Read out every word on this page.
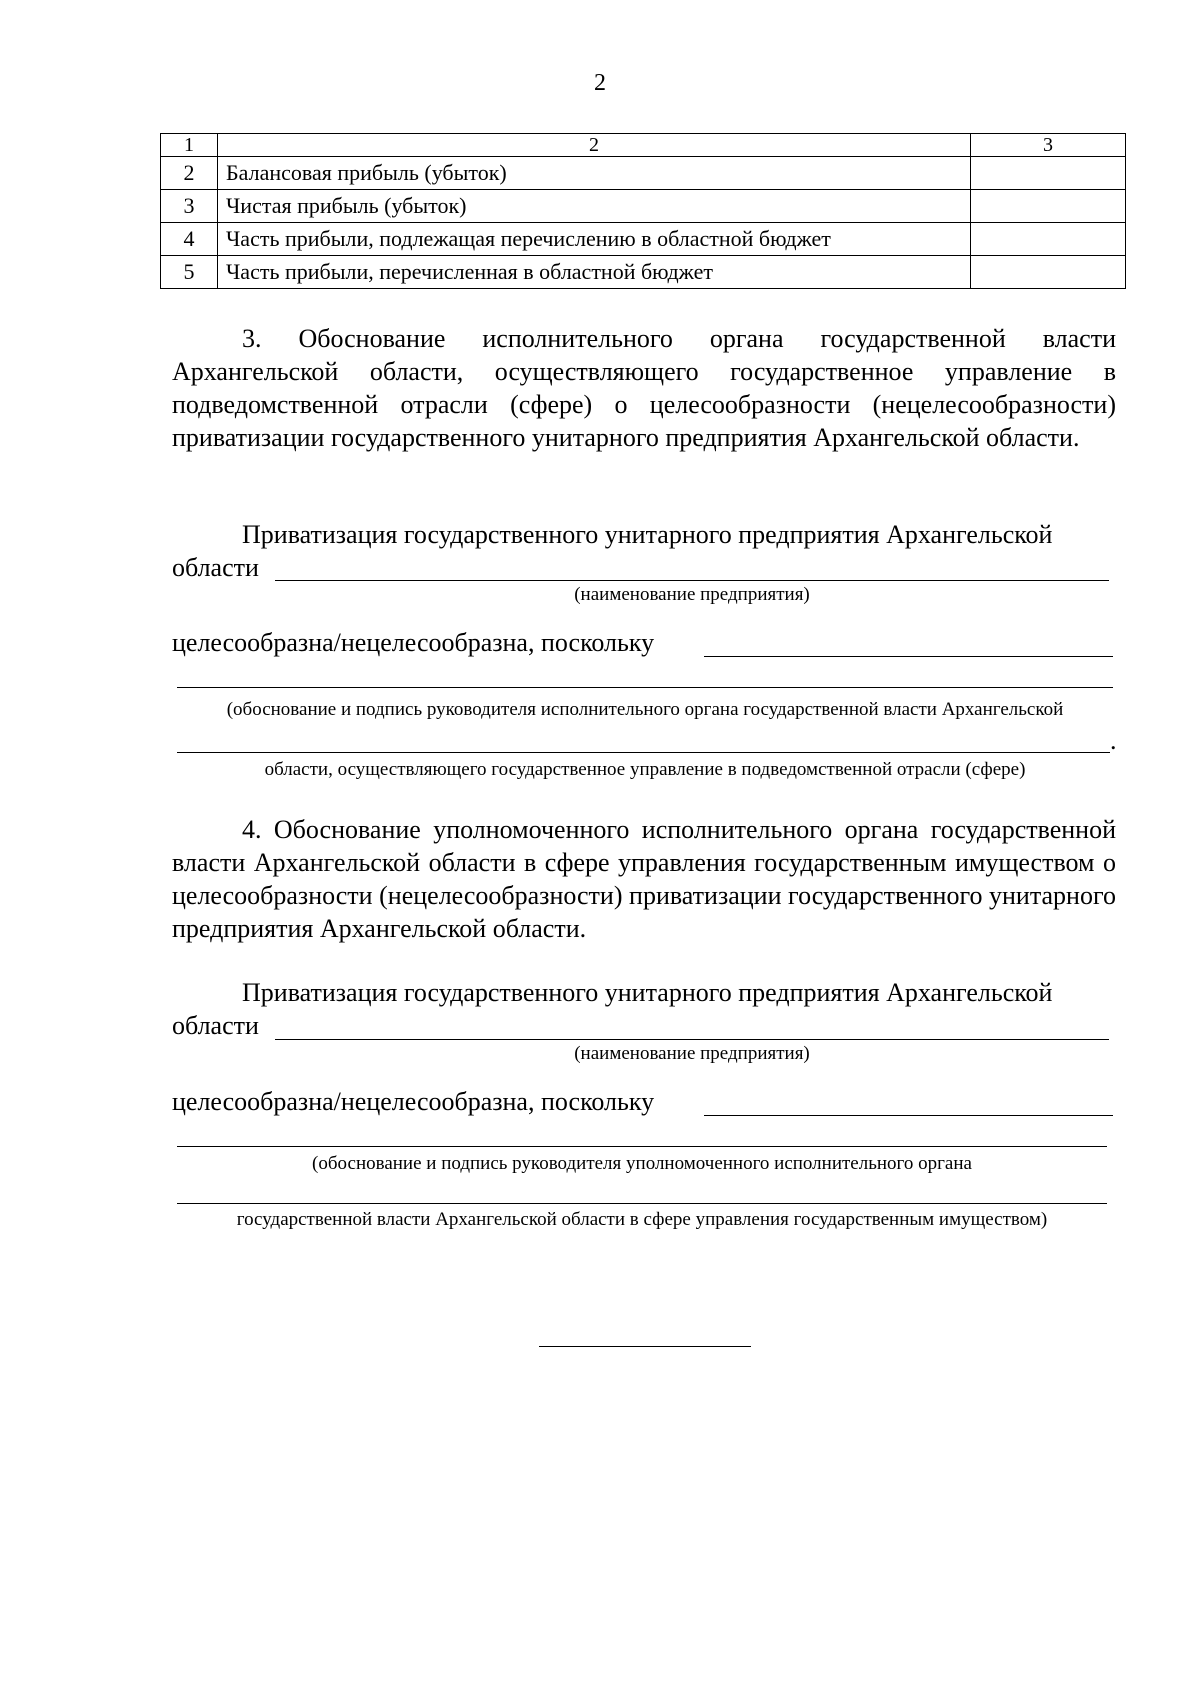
2
1	2	3
2	Балансовая прибыль (убыток)	
3	Чистая прибыль (убыток)	
4	Часть прибыли, подлежащая перечислению в областной бюджет	
5	Часть прибыли, перечисленная в областной бюджет	
3. Обоснование исполнительного органа государственной власти Архангельской области, осуществляющего государственное управление в подведомственной отрасли (сфере) о целесообразности (нецелесообразности) приватизации государственного унитарного предприятия Архангельской области.
Приватизация государственного унитарного предприятия Архангельской
области
(наименование предприятия)
целесообразна/нецелесообразна, поскольку
(обоснование и подпись руководителя исполнительного органа государственной власти Архангельской
.
области, осуществляющего государственное управление в подведомственной отрасли (сфере)
4. Обоснование уполномоченного исполнительного органа государственной власти Архангельской области в сфере управления государственным имуществом о целесообразности (нецелесообразности) приватизации государственного унитарного предприятия Архангельской области.
Приватизация государственного унитарного предприятия Архангельской
области
(наименование предприятия)
целесообразна/нецелесообразна, поскольку
(обоснование и подпись руководителя уполномоченного исполнительного органа
государственной власти Архангельской области в сфере управления государственным имуществом)
